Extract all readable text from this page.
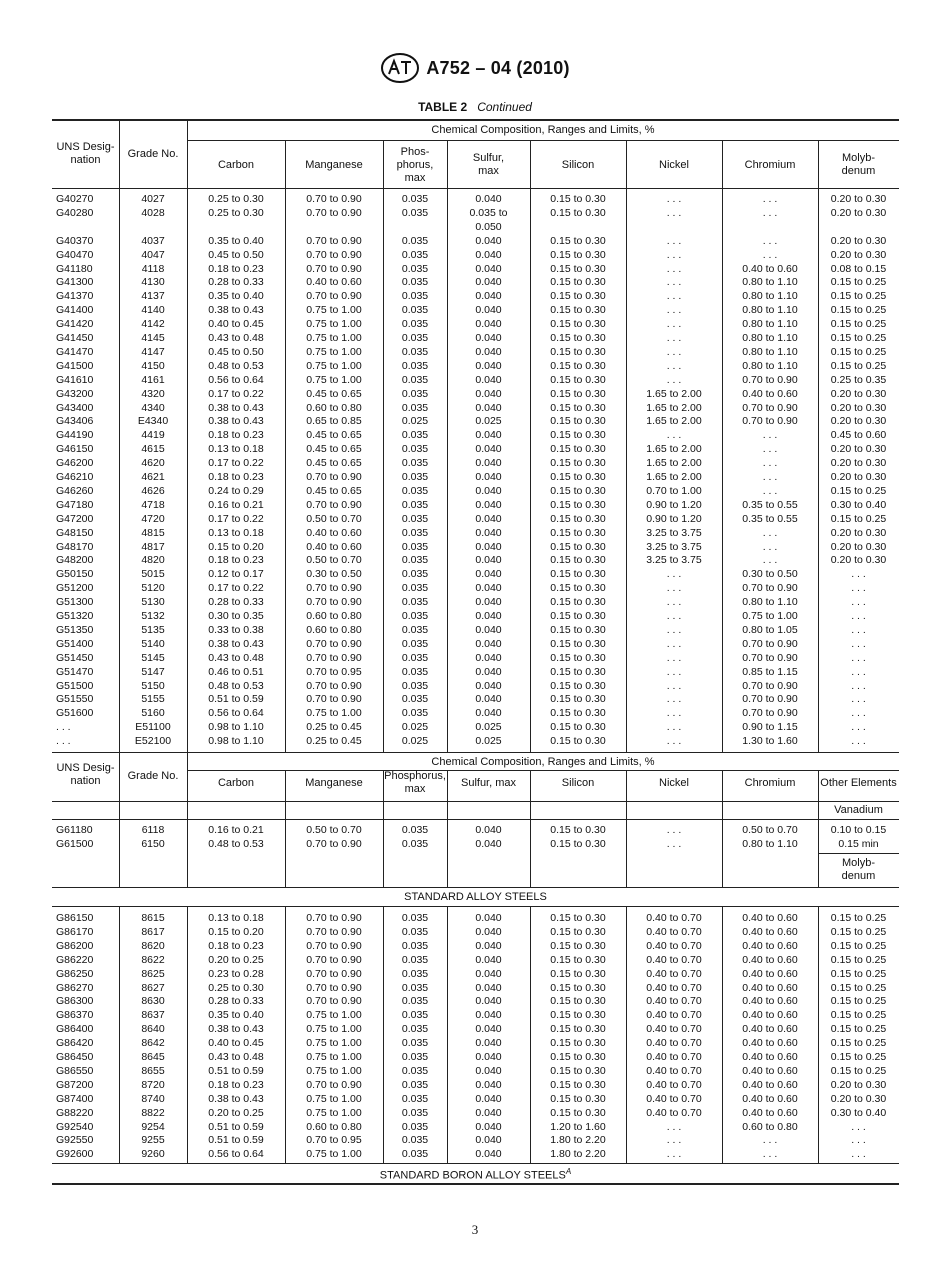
A752 – 04 (2010)
TABLE 2 Continued
Chemical Composition, Ranges and Limits, %
UNS Desig-
nation
Grade No.
Carbon	Manganese
Phos-
phorus,
max
Sulfur,
max
Silicon	Nickel	Chromium
Molyb-
denum
G40270	4027	0.25 to 0.30	0.70 to 0.90	0.035	0.040	0.15 to 0.30	. . .	. . .	0.20 to 0.30
G40280	4028	0.25 to 0.30	0.70 to 0.90	0.035	0.035 to	0.15 to 0.30	. . .	. . .	0.20 to 0.30
0.050
G40370	4037	0.35 to 0.40	0.70 to 0.90	0.035	0.040	0.15 to 0.30	. . .	. . .	0.20 to 0.30
G40470	4047	0.45 to 0.50	0.70 to 0.90	0.035	0.040	0.15 to 0.30	. . .	. . .	0.20 to 0.30
G41180	4118	0.18 to 0.23	0.70 to 0.90	0.035	0.040	0.15 to 0.30	. . .	0.40 to 0.60	0.08 to 0.15
G41300	4130	0.28 to 0.33	0.40 to 0.60	0.035	0.040	0.15 to 0.30	. . .	0.80 to 1.10	0.15 to 0.25
G41370	4137	0.35 to 0.40	0.70 to 0.90	0.035	0.040	0.15 to 0.30	. . .	0.80 to 1.10	0.15 to 0.25
G41400	4140	0.38 to 0.43	0.75 to 1.00	0.035	0.040	0.15 to 0.30	. . .	0.80 to 1.10	0.15 to 0.25
G41420	4142	0.40 to 0.45	0.75 to 1.00	0.035	0.040	0.15 to 0.30	. . .	0.80 to 1.10	0.15 to 0.25
G41450	4145	0.43 to 0.48	0.75 to 1.00	0.035	0.040	0.15 to 0.30	. . .	0.80 to 1.10	0.15 to 0.25
G41470	4147	0.45 to 0.50	0.75 to 1.00	0.035	0.040	0.15 to 0.30	. . .	0.80 to 1.10	0.15 to 0.25
G41500	4150	0.48 to 0.53	0.75 to 1.00	0.035	0.040	0.15 to 0.30	. . .	0.80 to 1.10	0.15 to 0.25
G41610	4161	0.56 to 0.64	0.75 to 1.00	0.035	0.040	0.15 to 0.30	. . .	0.70 to 0.90	0.25 to 0.35
G43200	4320	0.17 to 0.22	0.45 to 0.65	0.035	0.040	0.15 to 0.30	1.65 to 2.00	0.40 to 0.60	0.20 to 0.30
G43400	4340	0.38 to 0.43	0.60 to 0.80	0.035	0.040	0.15 to 0.30	1.65 to 2.00	0.70 to 0.90	0.20 to 0.30
G43406	E4340	0.38 to 0.43	0.65 to 0.85	0.025	0.025	0.15 to 0.30	1.65 to 2.00	0.70 to 0.90	0.20 to 0.30
G44190	4419	0.18 to 0.23	0.45 to 0.65	0.035	0.040	0.15 to 0.30	. . .	. . .	0.45 to 0.60
G46150	4615	0.13 to 0.18	0.45 to 0.65	0.035	0.040	0.15 to 0.30	1.65 to 2.00	. . .	0.20 to 0.30
G46200	4620	0.17 to 0.22	0.45 to 0.65	0.035	0.040	0.15 to 0.30	1.65 to 2.00	. . .	0.20 to 0.30
G46210	4621	0.18 to 0.23	0.70 to 0.90	0.035	0.040	0.15 to 0.30	1.65 to 2.00	. . .	0.20 to 0.30
G46260	4626	0.24 to 0.29	0.45 to 0.65	0.035	0.040	0.15 to 0.30	0.70 to 1.00	. . .	0.15 to 0.25
G47180	4718	0.16 to 0.21	0.70 to 0.90	0.035	0.040	0.15 to 0.30	0.90 to 1.20	0.35 to 0.55	0.30 to 0.40
G47200	4720	0.17 to 0.22	0.50 to 0.70	0.035	0.040	0.15 to 0.30	0.90 to 1.20	0.35 to 0.55	0.15 to 0.25
G48150	4815	0.13 to 0.18	0.40 to 0.60	0.035	0.040	0.15 to 0.30	3.25 to 3.75	. . .	0.20 to 0.30
G48170	4817	0.15 to 0.20	0.40 to 0.60	0.035	0.040	0.15 to 0.30	3.25 to 3.75	. . .	0.20 to 0.30
G48200	4820	0.18 to 0.23	0.50 to 0.70	0.035	0.040	0.15 to 0.30	3.25 to 3.75	. . .	0.20 to 0.30
G50150	5015	0.12 to 0.17	0.30 to 0.50	0.035	0.040	0.15 to 0.30	. . .	0.30 to 0.50	. . .
G51200	5120	0.17 to 0.22	0.70 to 0.90	0.035	0.040	0.15 to 0.30	. . .	0.70 to 0.90	. . .
G51300	5130	0.28 to 0.33	0.70 to 0.90	0.035	0.040	0.15 to 0.30	. . .	0.80 to 1.10	. . .
G51320	5132	0.30 to 0.35	0.60 to 0.80	0.035	0.040	0.15 to 0.30	. . .	0.75 to 1.00	. . .
G51350	5135	0.33 to 0.38	0.60 to 0.80	0.035	0.040	0.15 to 0.30	. . .	0.80 to 1.05	. . .
G51400	5140	0.38 to 0.43	0.70 to 0.90	0.035	0.040	0.15 to 0.30	. . .	0.70 to 0.90	. . .
G51450	5145	0.43 to 0.48	0.70 to 0.90	0.035	0.040	0.15 to 0.30	. . .	0.70 to 0.90	. . .
G51470	5147	0.46 to 0.51	0.70 to 0.95	0.035	0.040	0.15 to 0.30	. . .	0.85 to 1.15	. . .
G51500	5150	0.48 to 0.53	0.70 to 0.90	0.035	0.040	0.15 to 0.30	. . .	0.70 to 0.90	. . .
G51550	5155	0.51 to 0.59	0.70 to 0.90	0.035	0.040	0.15 to 0.30	. . .	0.70 to 0.90	. . .
G51600	5160	0.56 to 0.64	0.75 to 1.00	0.035	0.040	0.15 to 0.30	. . .	0.70 to 0.90	. . .
. . .	E51100	0.98 to 1.10	0.25 to 0.45	0.025	0.025	0.15 to 0.30	. . .	0.90 to 1.15	. . .
. . .	E52100	0.98 to 1.10	0.25 to 0.45	0.025	0.025	0.15 to 0.30	. . .	1.30 to 1.60	. . .
Chemical Composition, Ranges and Limits, %
UNS Desig-
nation	Grade No.
Carbon	Manganese
Phosphorus,
max
Sulfur, max	Silicon	Nickel	Chromium	Other Elements
Vanadium
G61180	6118	0.16 to 0.21	0.50 to 0.70	0.035	0.040	0.15 to 0.30	. . .	0.50 to 0.70	0.10 to 0.15
G61500	6150	0.48 to 0.53	0.70 to 0.90	0.035	0.040	0.15 to 0.30	. . .	0.80 to 1.10	0.15 min
Molyb-
denum
STANDARD ALLOY STEELS
G86150	8615	0.13 to 0.18	0.70 to 0.90	0.035	0.040	0.15 to 0.30	0.40 to 0.70	0.40 to 0.60	0.15 to 0.25
G86170	8617	0.15 to 0.20	0.70 to 0.90	0.035	0.040	0.15 to 0.30	0.40 to 0.70	0.40 to 0.60	0.15 to 0.25
G86200	8620	0.18 to 0.23	0.70 to 0.90	0.035	0.040	0.15 to 0.30	0.40 to 0.70	0.40 to 0.60	0.15 to 0.25
G86220	8622	0.20 to 0.25	0.70 to 0.90	0.035	0.040	0.15 to 0.30	0.40 to 0.70	0.40 to 0.60	0.15 to 0.25
G86250	8625	0.23 to 0.28	0.70 to 0.90	0.035	0.040	0.15 to 0.30	0.40 to 0.70	0.40 to 0.60	0.15 to 0.25
G86270	8627	0.25 to 0.30	0.70 to 0.90	0.035	0.040	0.15 to 0.30	0.40 to 0.70	0.40 to 0.60	0.15 to 0.25
G86300	8630	0.28 to 0.33	0.70 to 0.90	0.035	0.040	0.15 to 0.30	0.40 to 0.70	0.40 to 0.60	0.15 to 0.25
G86370	8637	0.35 to 0.40	0.75 to 1.00	0.035	0.040	0.15 to 0.30	0.40 to 0.70	0.40 to 0.60	0.15 to 0.25
G86400	8640	0.38 to 0.43	0.75 to 1.00	0.035	0.040	0.15 to 0.30	0.40 to 0.70	0.40 to 0.60	0.15 to 0.25
G86420	8642	0.40 to 0.45	0.75 to 1.00	0.035	0.040	0.15 to 0.30	0.40 to 0.70	0.40 to 0.60	0.15 to 0.25
G86450	8645	0.43 to 0.48	0.75 to 1.00	0.035	0.040	0.15 to 0.30	0.40 to 0.70	0.40 to 0.60	0.15 to 0.25
G86550	8655	0.51 to 0.59	0.75 to 1.00	0.035	0.040	0.15 to 0.30	0.40 to 0.70	0.40 to 0.60	0.15 to 0.25
G87200	8720	0.18 to 0.23	0.70 to 0.90	0.035	0.040	0.15 to 0.30	0.40 to 0.70	0.40 to 0.60	0.20 to 0.30
G87400	8740	0.38 to 0.43	0.75 to 1.00	0.035	0.040	0.15 to 0.30	0.40 to 0.70	0.40 to 0.60	0.20 to 0.30
G88220	8822	0.20 to 0.25	0.75 to 1.00	0.035	0.040	0.15 to 0.30	0.40 to 0.70	0.40 to 0.60	0.30 to 0.40
G92540	9254	0.51 to 0.59	0.60 to 0.80	0.035	0.040	1.20 to 1.60	. . .	0.60 to 0.80	. . .
G92550	9255	0.51 to 0.59	0.70 to 0.95	0.035	0.040	1.80 to 2.20	. . .	. . .	. . .
G92600	9260	0.56 to 0.64	0.75 to 1.00	0.035	0.040	1.80 to 2.20	. . .	. . .	. . .
STANDARD BORON ALLOY $STEELS^A$
3
